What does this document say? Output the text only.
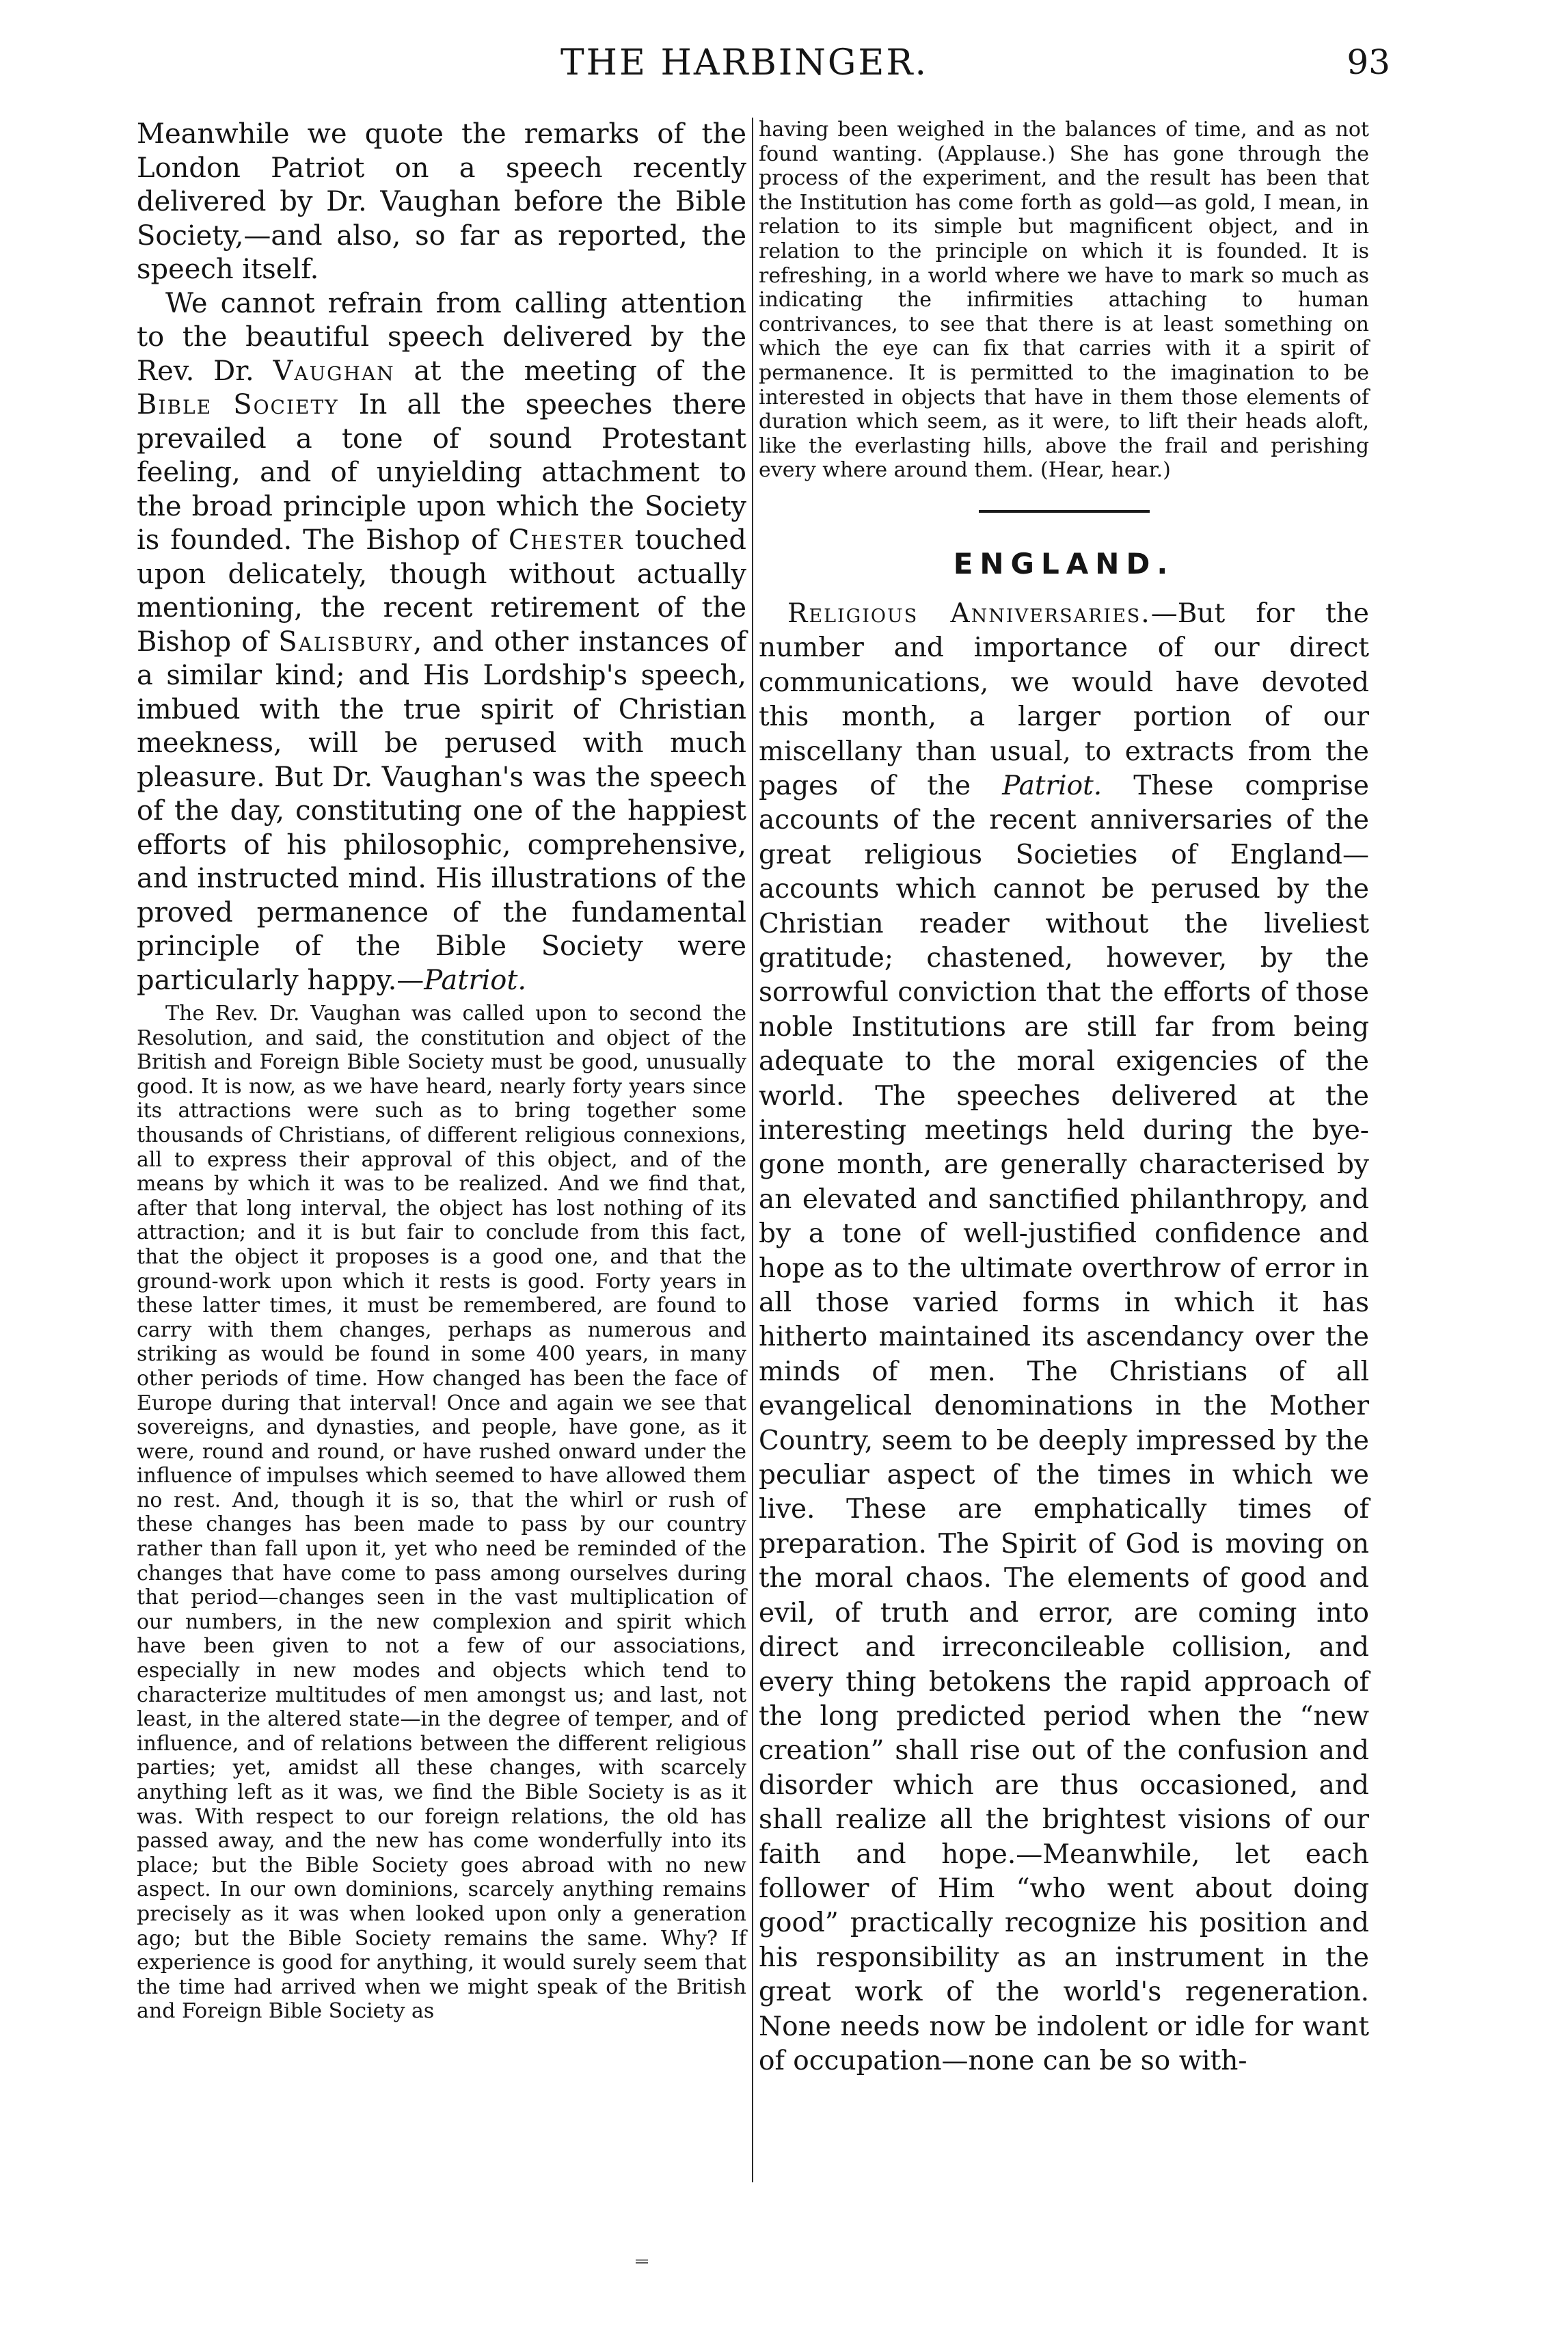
THE HARBINGER.	93

Meanwhile we quote the remarks of the London Patriot on a speech recently delivered by Dr. Vaughan before the Bible Society,—and also, so far as reported, the speech itself.

We cannot refrain from calling attention to the beautiful speech delivered by the Rev. Dr. Vaughan at the meeting of the Bible Society In all the speeches there prevailed a tone of sound Protestant feeling, and of unyielding attachment to the broad principle upon which the Society is founded. The Bishop of Chester touched upon delicately, though without actually mentioning, the recent retirement of the Bishop of Salisbury, and other instances of a similar kind; and His Lordship's speech, imbued with the true spirit of Christian meekness, will be perused with much pleasure. But Dr. Vaughan's was the speech of the day, constituting one of the happiest efforts of his philosophic, comprehensive, and instructed mind. His illustrations of the proved permanence of the fundamental principle of the Bible Society were particularly happy.—Patriot.

The Rev. Dr. Vaughan was called upon to second the Resolution, and said, the constitution and object of the British and Foreign Bible Society must be good, unusually good. It is now, as we have heard, nearly forty years since its attractions were such as to bring together some thousands of Christians, of different religious connexions, all to express their approval of this object, and of the means by which it was to be realized. And we find that, after that long interval, the object has lost nothing of its attraction; and it is but fair to conclude from this fact, that the object it proposes is a good one, and that the ground-work upon which it rests is good. Forty years in these latter times, it must be remembered, are found to carry with them changes, perhaps as numerous and striking as would be found in some 400 years, in many other periods of time. How changed has been the face of Europe during that interval! Once and again we see that sovereigns, and dynasties, and people, have gone, as it were, round and round, or have rushed onward under the influence of impulses which seemed to have allowed them no rest. And, though it is so, that the whirl or rush of these changes has been made to pass by our country rather than fall upon it, yet who need be reminded of the changes that have come to pass among ourselves during that period—changes seen in the vast multiplication of our numbers, in the new complexion and spirit which have been given to not a few of our associations, especially in new modes and objects which tend to characterize multitudes of men amongst us; and last, not least, in the altered state—in the degree of temper, and of influence, and of relations between the different religious parties; yet, amidst all these changes, with scarcely anything left as it was, we find the Bible Society is as it was. With respect to our foreign relations, the old has passed away, and the new has come wonderfully into its place; but the Bible Society goes abroad with no new aspect. In our own dominions, scarcely anything remains precisely as it was when looked upon only a generation ago; but the Bible Society remains the same. Why? If experience is good for anything, it would surely seem that the time had arrived when we might speak of the British and Foreign Bible Society as

having been weighed in the balances of time, and as not found wanting. (Applause.) She has gone through the process of the experiment, and the result has been that the Institution has come forth as gold—as gold, I mean, in relation to its simple but magnificent object, and in relation to the principle on which it is founded. It is refreshing, in a world where we have to mark so much as indicating the infirmities attaching to human contrivances, to see that there is at least something on which the eye can fix that carries with it a spirit of permanence. It is permitted to the imagination to be interested in objects that have in them those elements of duration which seem, as it were, to lift their heads aloft, like the everlasting hills, above the frail and perishing every where around them. (Hear, hear.)

ENGLAND.

Religious Anniversaries.—But for the number and importance of our direct communications, we would have devoted this month, a larger portion of our miscellany than usual, to extracts from the pages of the Patriot. These comprise accounts of the recent anniversaries of the great religious Societies of England—accounts which cannot be perused by the Christian reader without the liveliest gratitude; chastened, however, by the sorrowful conviction that the efforts of those noble Institutions are still far from being adequate to the moral exigencies of the world. The speeches delivered at the interesting meetings held during the bye-gone month, are generally characterised by an elevated and sanctified philanthropy, and by a tone of well-justified confidence and hope as to the ultimate overthrow of error in all those varied forms in which it has hitherto maintained its ascendancy over the minds of men. The Christians of all evangelical denominations in the Mother Country, seem to be deeply impressed by the peculiar aspect of the times in which we live. These are emphatically times of preparation. The Spirit of God is moving on the moral chaos. The elements of good and evil, of truth and error, are coming into direct and irreconcileable collision, and every thing betokens the rapid approach of the long predicted period when the “new creation” shall rise out of the confusion and disorder which are thus occasioned, and shall realize all the brightest visions of our faith and hope.—Meanwhile, let each follower of Him “who went about doing good” practically recognize his position and his responsibility as an instrument in the great work of the world's regeneration. None needs now be indolent or idle for want of occupation—none can be so with-

‗
